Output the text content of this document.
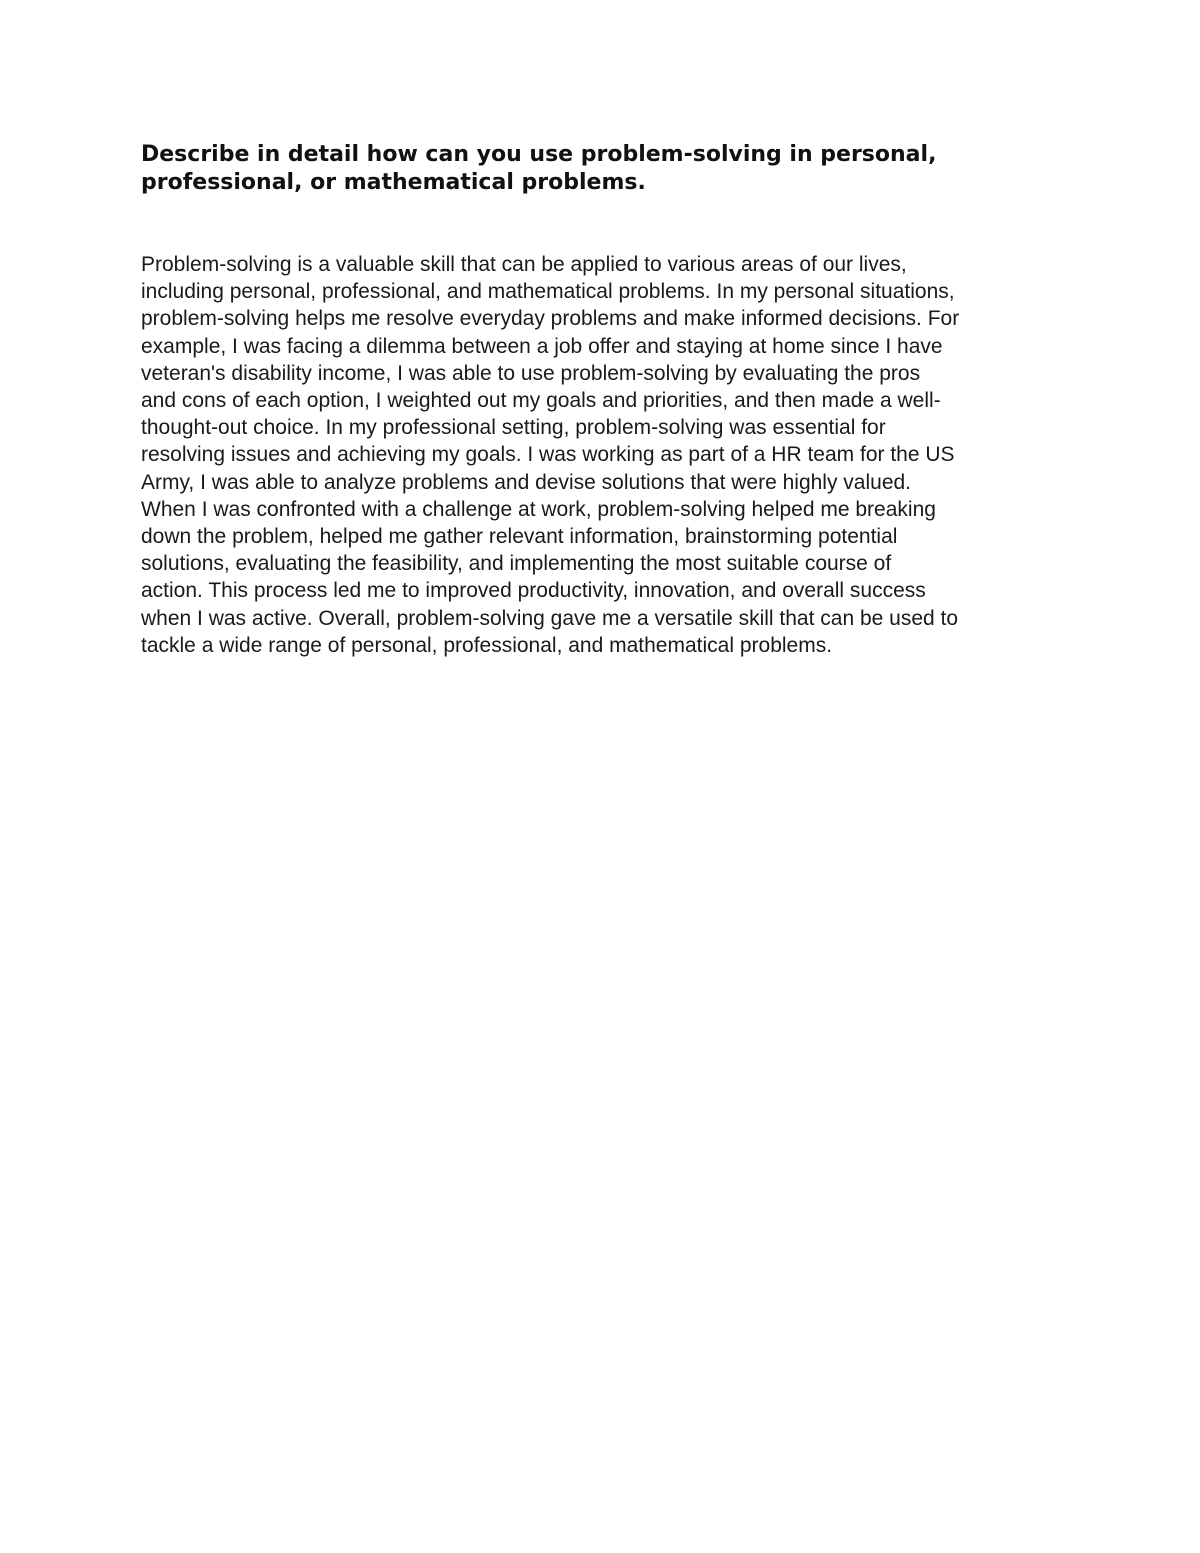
Describe in detail how can you use problem-solving in personal,
professional, or mathematical problems.
Problem-solving is a valuable skill that can be applied to various areas of our lives,
including personal, professional, and mathematical problems. In my personal situations,
problem-solving helps me resolve everyday problems and make informed decisions. For
example, I was facing a dilemma between a job offer and staying at home since I have
veteran's disability income, I was able to use problem-solving by evaluating the pros
and cons of each option, I weighted out my goals and priorities, and then made a well-
thought-out choice. In my professional setting, problem-solving was essential for
resolving issues and achieving my goals. I was working as part of a HR team for the US
Army, I was able to analyze problems and devise solutions that were highly valued.
When I was confronted with a challenge at work, problem-solving helped me breaking
down the problem, helped me gather relevant information, brainstorming potential
solutions, evaluating the feasibility, and implementing the most suitable course of
action. This process led me to improved productivity, innovation, and overall success
when I was active. Overall, problem-solving gave me a versatile skill that can be used to
tackle a wide range of personal, professional, and mathematical problems.
